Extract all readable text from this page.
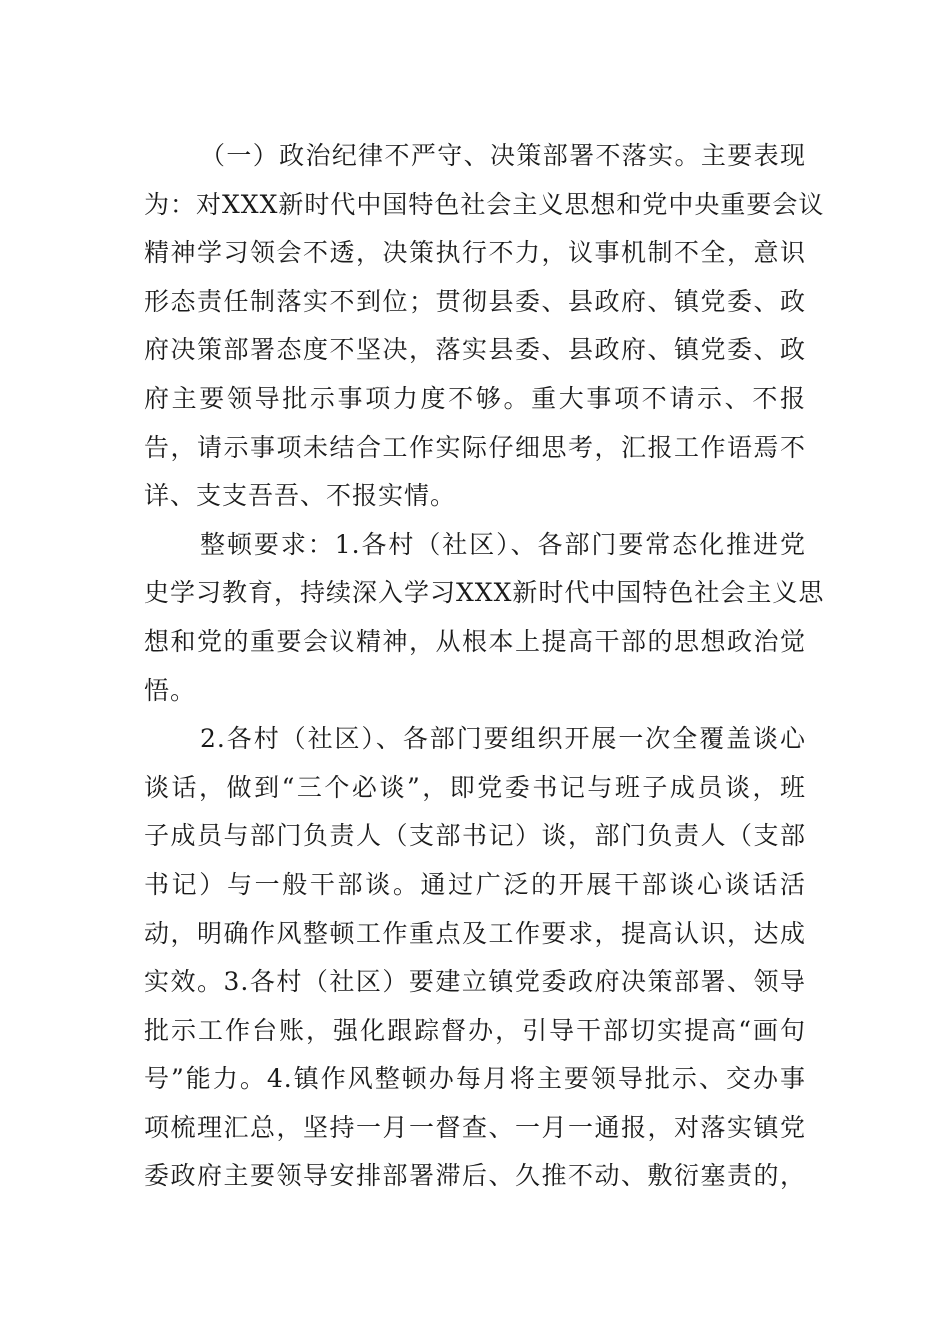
（一）政治纪律不严守、决策部署不落实。主要表现
为：对XXX新时代中国特色社会主义思想和党中央重要会议
精神学习领会不透，决策执行不力，议事机制不全，意识
形态责任制落实不到位；贯彻县委、县政府、镇党委、政
府决策部署态度不坚决，落实县委、县政府、镇党委、政
府主要领导批示事项力度不够。重大事项不请示、不报
告，请示事项未结合工作实际仔细思考，汇报工作语焉不
详、支支吾吾、不报实情。
整顿要求：1.各村（社区）、各部门要常态化推进党
史学习教育，持续深入学习XXX新时代中国特色社会主义思
想和党的重要会议精神，从根本上提高干部的思想政治觉
悟。
2.各村（社区）、各部门要组织开展一次全覆盖谈心
谈话，做到“三个必谈”，即党委书记与班子成员谈，班
子成员与部门负责人（支部书记）谈，部门负责人（支部
书记）与一般干部谈。通过广泛的开展干部谈心谈话活
动，明确作风整顿工作重点及工作要求，提高认识，达成
实效。3.各村（社区）要建立镇党委政府决策部署、领导
批示工作台账，强化跟踪督办，引导干部切实提高“画句
号”能力。4.镇作风整顿办每月将主要领导批示、交办事
项梳理汇总，坚持一月一督查、一月一通报，对落实镇党
委政府主要领导安排部署滞后、久推不动、敷衍塞责的，
